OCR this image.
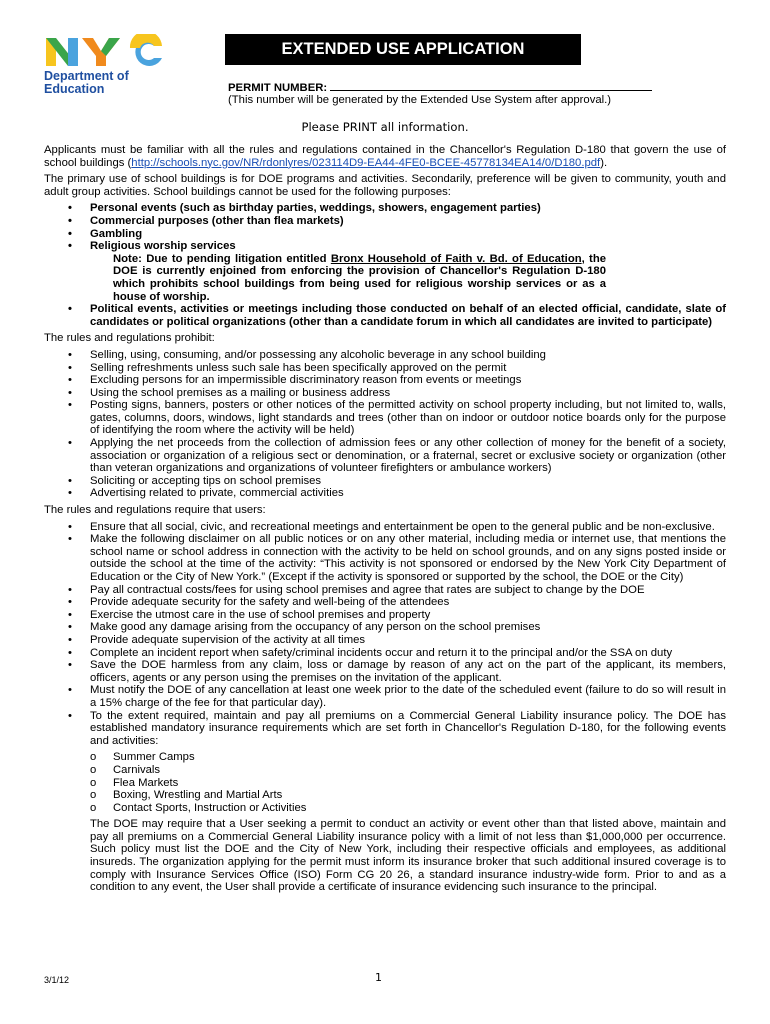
Department of
Education
EXTENDED USE APPLICATION
PERMIT NUMBER:
(This number will be generated by the Extended Use System after approval.)
Please PRINT all information.

Applicants must be familiar with all the rules and regulations contained in the Chancellor's Regulation D-180 that govern the use of school buildings (http://schools.nyc.gov/NR/rdonlyres/023114D9-EA44-4FE0-BCEE-45778134EA14/0/D180.pdf).

The primary use of school buildings is for DOE programs and activities. Secondarily, preference will be given to community, youth and adult group activities. School buildings cannot be used for the following purposes:

• Personal events (such as birthday parties, weddings, showers, engagement parties)
• Commercial purposes (other than flea markets)
• Gambling
• Religious worship services
Note: Due to pending litigation entitled Bronx Household of Faith v. Bd. of Education, the DOE is currently enjoined from enforcing the provision of Chancellor's Regulation D-180 which prohibits school buildings from being used for religious worship services or as a house of worship.
• Political events, activities or meetings including those conducted on behalf of an elected official, candidate, slate of candidates or political organizations (other than a candidate forum in which all candidates are invited to participate)

The rules and regulations prohibit:

• Selling, using, consuming, and/or possessing any alcoholic beverage in any school building
• Selling refreshments unless such sale has been specifically approved on the permit
• Excluding persons for an impermissible discriminatory reason from events or meetings
• Using the school premises as a mailing or business address
• Posting signs, banners, posters or other notices of the permitted activity on school property including, but not limited to, walls, gates, columns, doors, windows, light standards and trees (other than on indoor or outdoor notice boards only for the purpose of identifying the room where the activity will be held)
• Applying the net proceeds from the collection of admission fees or any other collection of money for the benefit of a society, association or organization of a religious sect or denomination, or a fraternal, secret or exclusive society or organization (other than veteran organizations and organizations of volunteer firefighters or ambulance workers)
• Soliciting or accepting tips on school premises
• Advertising related to private, commercial activities

The rules and regulations require that users:

• Ensure that all social, civic, and recreational meetings and entertainment be open to the general public and be non-exclusive.
• Make the following disclaimer on all public notices or on any other material, including media or internet use, that mentions the school name or school address in connection with the activity to be held on school grounds, and on any signs posted inside or outside the school at the time of the activity: “This activity is not sponsored or endorsed by the New York City Department of Education or the City of New York.” (Except if the activity is sponsored or supported by the school, the DOE or the City)
• Pay all contractual costs/fees for using school premises and agree that rates are subject to change by the DOE
• Provide adequate security for the safety and well-being of the attendees
• Exercise the utmost care in the use of school premises and property
• Make good any damage arising from the occupancy of any person on the school premises
• Provide adequate supervision of the activity at all times
• Complete an incident report when safety/criminal incidents occur and return it to the principal and/or the SSA on duty
• Save the DOE harmless from any claim, loss or damage by reason of any act on the part of the applicant, its members, officers, agents or any person using the premises on the invitation of the applicant.
• Must notify the DOE of any cancellation at least one week prior to the date of the scheduled event (failure to do so will result in a 15% charge of the fee for that particular day).
• To the extent required, maintain and pay all premiums on a Commercial General Liability insurance policy. The DOE has established mandatory insurance requirements which are set forth in Chancellor's Regulation D-180, for the following events and activities:
o Summer Camps
o Carnivals
o Flea Markets
o Boxing, Wrestling and Martial Arts
o Contact Sports, Instruction or Activities

The DOE may require that a User seeking a permit to conduct an activity or event other than that listed above, maintain and pay all premiums on a Commercial General Liability insurance policy with a limit of not less than $1,000,000 per occurrence. Such policy must list the DOE and the City of New York, including their respective officials and employees, as additional insureds. The organization applying for the permit must inform its insurance broker that such additional insured coverage is to comply with Insurance Services Office (ISO) Form CG 20 26, a standard insurance industry-wide form. Prior to and as a condition to any event, the User shall provide a certificate of insurance evidencing such insurance to the principal.

3/1/12	1
